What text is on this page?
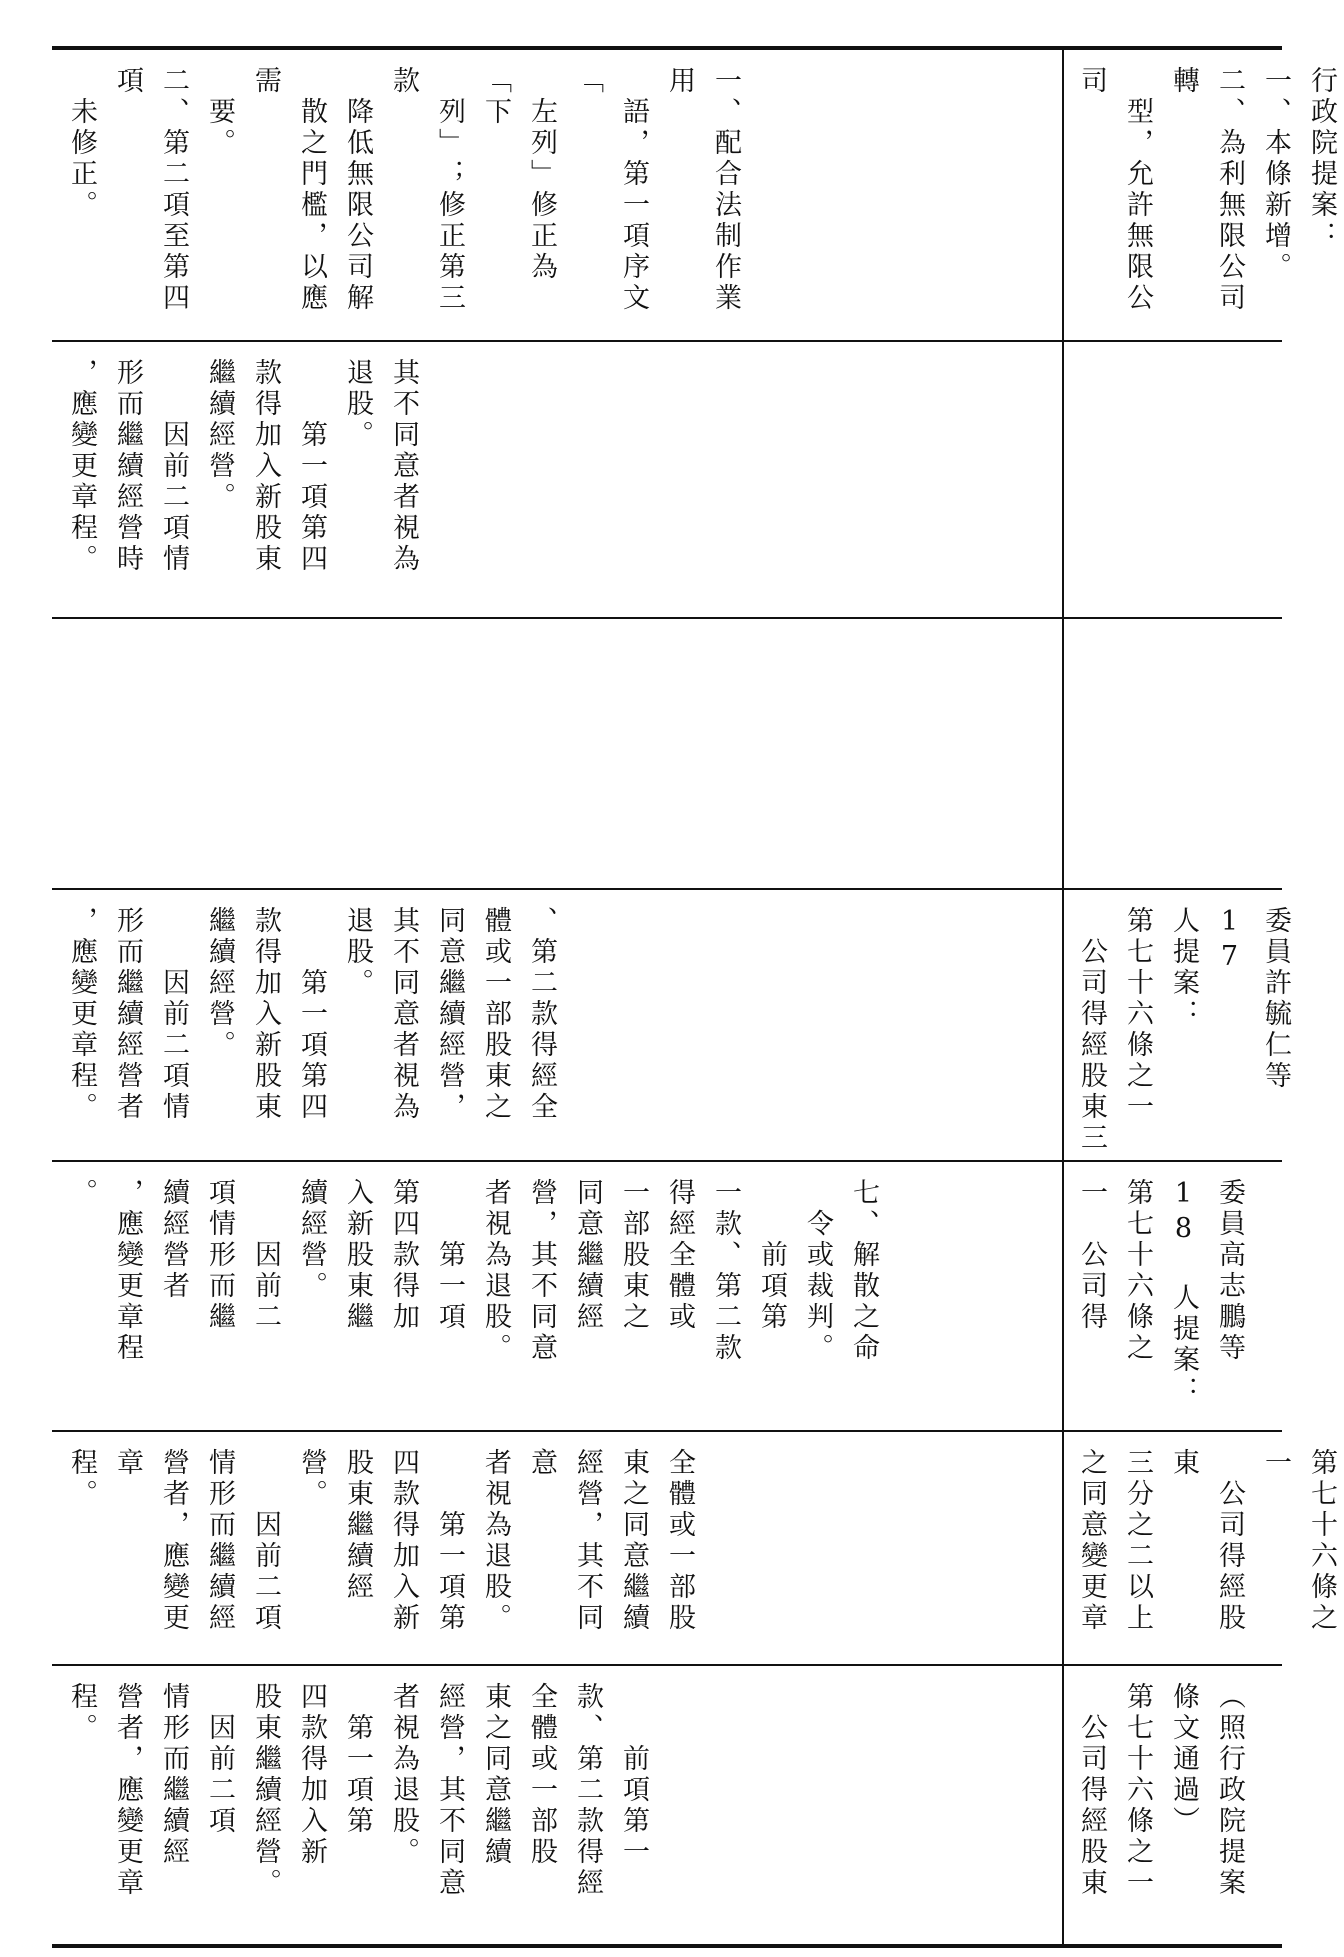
一、配合法制作業用
　語，第一項序文「
　左列」修正為「下
　列」；修正第三款
　降低無限公司解
　散之門檻，以應需
　要。
二、第二項至第四項
　未修正。
其不同意者視為
退股。
　　第一項第四
款得加入新股東
繼續經營。
　　因前二項情
形而繼續經營時
，應變更章程。
、第二款得經全
體或一部股東之
同意繼續經營，
其不同意者視為
退股。
　　第一項第四
款得加入新股東
繼續經營。
　　因前二項情
形而繼續經營者
，應變更章程。
七、解散之命
　令或裁判。
　　前項第
一款、第二款
得經全體或
一部股東之
同意繼續經
營，其不同意
者視為退股。
　　第一項
第四款得加
入新股東繼
續經營。
　　因前二
項情形而繼
續經營者
，應變更章程
。
全體或一部股
東之同意繼續
經營，其不同意
者視為退股。
　　第一項第
四款得加入新
股東繼續經營。
　　因前二項
情形而繼續經
營者，應變更章
程。
　　前項第一
款、第二款得經
全體或一部股
東之同意繼續
經營，其不同意
者視為退股。
　第一項第
四款得加入新
股東繼續經營。
　因前二項
情形而繼續經
營者，應變更章
程。
行政院提案：
一、本條新增。
二、為利無限公司轉
　型，允許無限公司
委員許毓仁等 17
人提案：
第七十六條之一
　公司得經股東三
委員高志鵬等
18 人提案：
第七十六條之
一　公司得
第七十六條之一
　公司得經股東
三分之二以上
之同意變更章
（照行政院提案
條文通過）
第七十六條之一
　公司得經股東
